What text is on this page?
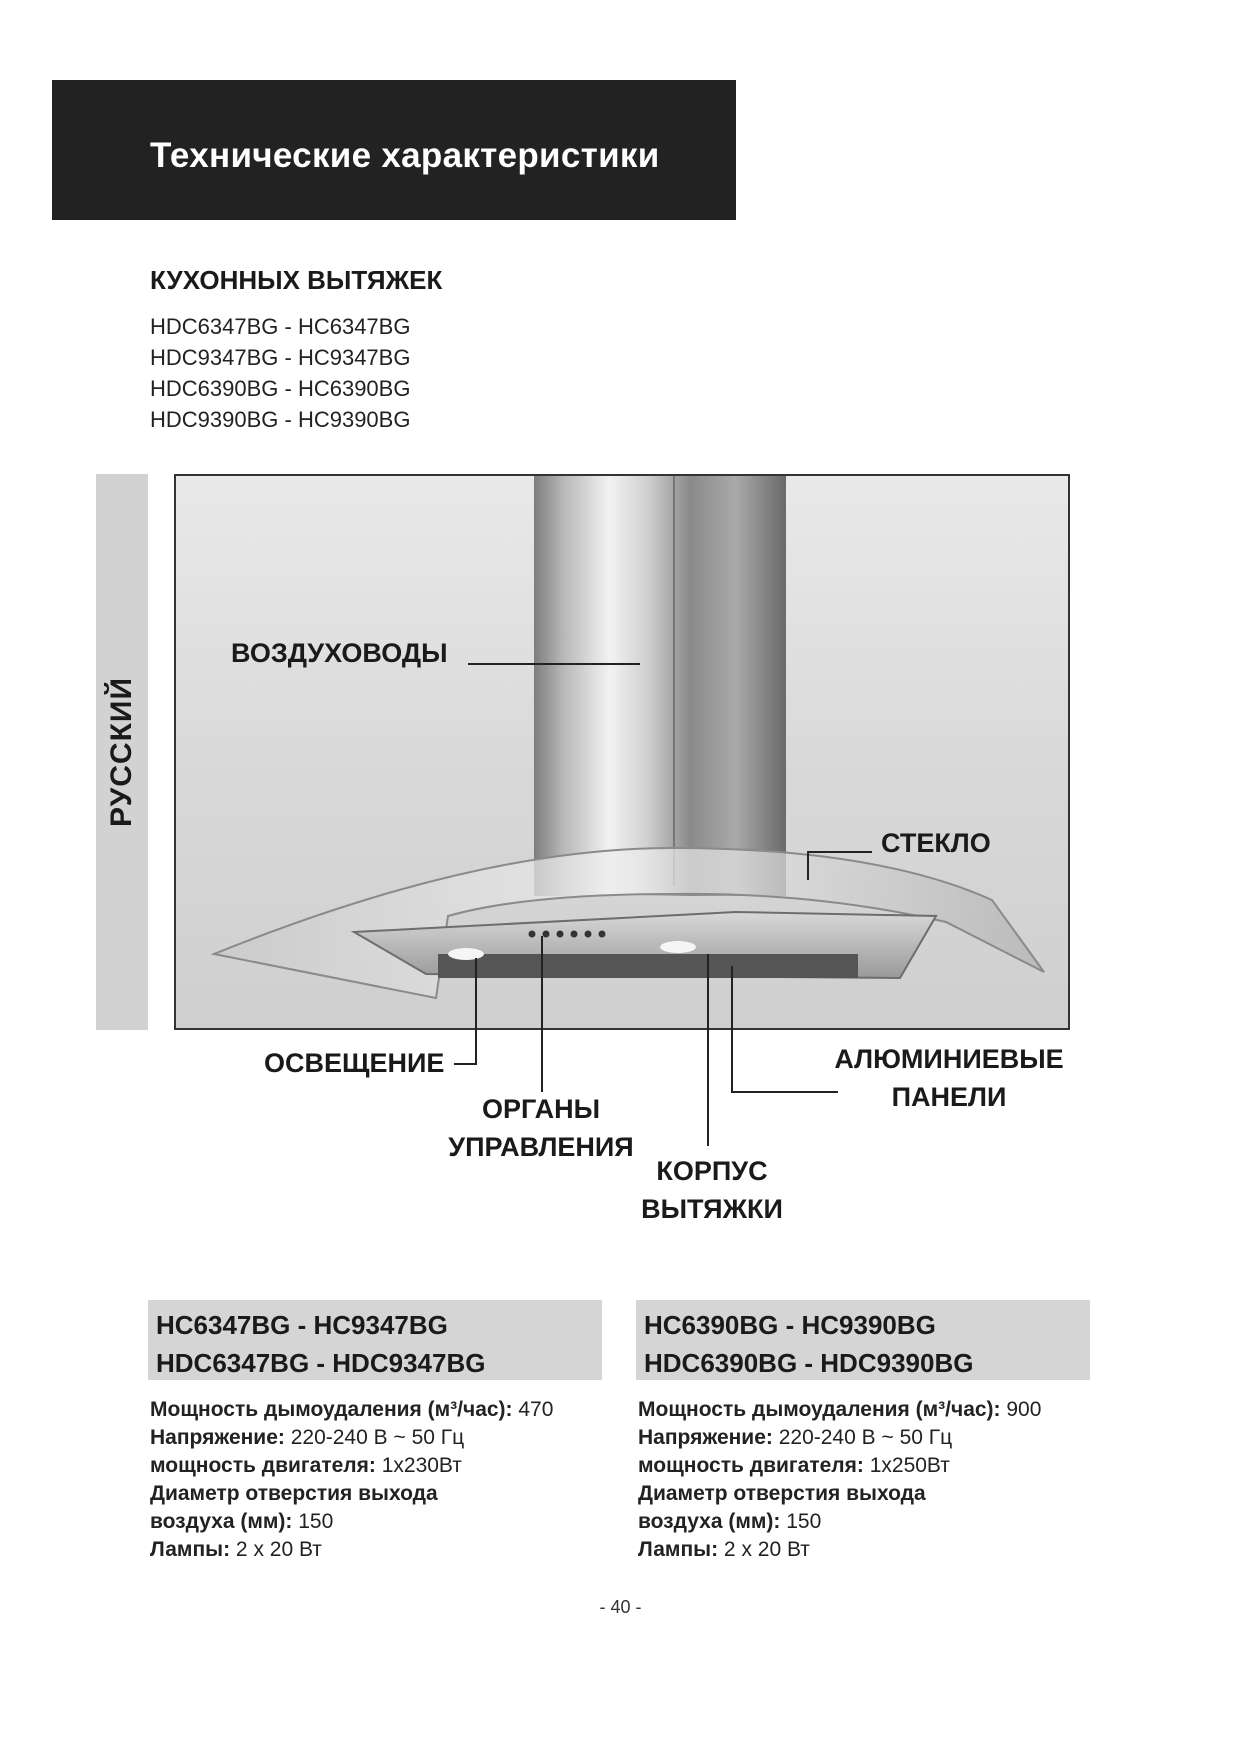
Технические характеристики
КУХОННЫХ ВЫТЯЖЕК
HDC6347BG - HC6347BG
HDC9347BG - HC9347BG
HDC6390BG - HC6390BG
HDC9390BG - HC9390BG
РУССКИЙ
ВОЗДУХОВОДЫ
СТЕКЛО
ОСВЕЩЕНИЕ
ОРГАНЫ
УПРАВЛЕНИЯ
КОРПУС
ВЫТЯЖКИ
АЛЮМИНИЕВЫЕ
ПАНЕЛИ
HC6347BG - HC9347BG
HDC6347BG - HDC9347BG
Мощность дымоудаления (м³/час): 470
Напряжение: 220-240 В ~ 50 Гц
мощность двигателя: 1x230Вт
Диаметр отверстия выхода
воздуха (мм): 150
Лампы: 2 x 20 Вт
HC6390BG - HC9390BG
HDC6390BG - HDC9390BG
Мощность дымоудаления (м³/час): 900
Напряжение: 220-240 В ~ 50 Гц
мощность двигателя: 1x250Вт
Диаметр отверстия выхода
воздуха (мм): 150
Лампы: 2 x 20 Вт
- 40 -
